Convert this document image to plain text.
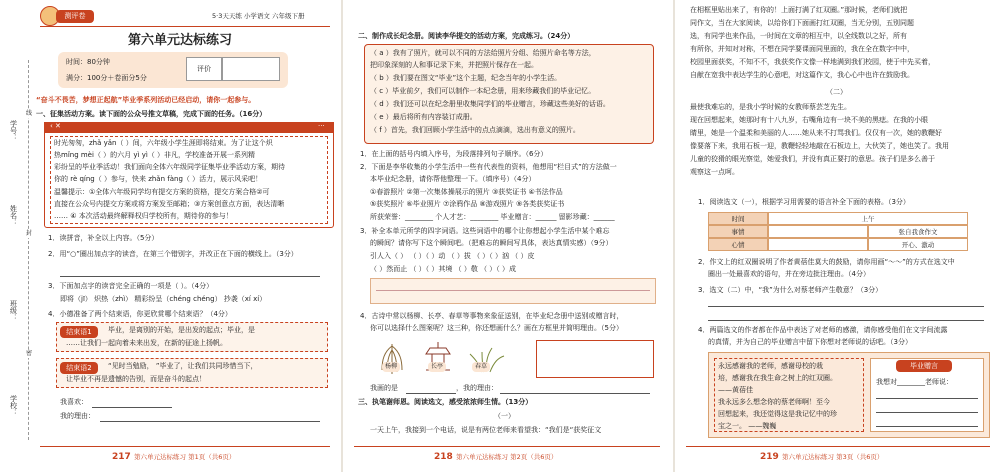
学号：
姓名：
班级：
学校：
线
封
密
测评卷	5·3天天练 小学语文 六年级下册
第六单元达标练习
时间：80分钟
满分：100分＋卷面分5分
评价
“奋斗不畏苦，梦想正起航”毕业季系列活动已经启动，请你一起参与。
一、征集活动方案。读下面的公众号推文草稿，完成下面的任务。（16分）
‹ ✕	···
时光匆匆，zhǎ yǎn（ ）间，六年级小学生涯即将结束。为了让这个炽
热mǐng mèi（ ）的六月 yì yì（ ）非凡，学校准备开展一系列精
彩纷呈的毕业季活动！我们面向全体六年级同学征集毕业季活动方案，期待
你的 rè qíng（ ）参与，快来 zhǎn fàng（ ）活力，展示风采吧！
温馨提示：①全体六年级同学均有提交方案的资格，提交方案合格②可
直接在公众号内提交方案或将方案发至邮箱；③方案创意点方面，表达清晰
…… ④ 本次活动最终解释权归学校所有，期待你的参与！
1．读拼音，补全以上内容。（5分）
2．用“○”圈出加点字的读音，在第三个错别字，并改正在下面的横线上。（3分）
3．下面加点字的读音完全正确的一项是（ ）。（4分）
即将（jī） 炽热（zhì） 精彩纷呈（chéng chéng） 抄袭（xí xí）
4．小德准备了两个结束语，你更欣赏哪个结束语？（4分）
结束语1	毕业，是离别的开始，是出发的起点；毕业，是
……让我们一起向着未来出发，在新的征途上扬帆。
结束语2	“见时当勉励， ”毕业了，让我们共同珍惜当下，
让毕业不再是遗憾的告别，而是奋斗的起点！
我喜欢：
我的理由：
217 第六单元达标练习 第1页（共6页）
二、制作成长纪念册。阅读李华提交的活动方案，完成练习。（24分）
（ a ）我有了照片，就可以不同的方法给照片分组、给照片命名等方法，
把印象深刻的人和事记录下来，并把照片保存在一起。
（ b ）我们要在图文“毕业”这个主题，纪念当年的小学生活。
（ c ）毕业前夕，我们可以制作一本纪念册，用来珍藏我们的毕业记忆。
（ d ）我们还可以在纪念册里收集同学们的毕业赠言，珍藏这些美好的话语。
（ e ）最后将所有内容装订成册。
（ f ）首先，我们回顾小学生活中的点点滴滴，选出有意义的照片。
1．在上面的括号内填入序号，为段落排列句子顺序。（6分）
2．下面是李华收集的小学生活中一些有代表性的资料，他想用“栏目式”的方法做一
本毕业纪念册，请你帮他整理一下。（填序号）（4分）
①春游照片 ②第一次集体操展示的照片 ③获奖证书 ④书法作品
⑤获奖照片 ⑥毕业照片 ⑦涂鸦作品 ⑧游戏照片 ⑨各类获奖证书
所获荣誉：________ 个人才艺：________ 毕业赠言：______ 留影珍藏：______
3．补全本单元所学的四字词语。这些词语中的哪个让你想起小学生活中某个难忘
的瞬间？请你写下这个瞬间吧。（把难忘的瞬间写具体，表达真情实感）（9分）
引人入（ ） （ ）（ ）动 （ ）拔 （ ）（ ）汹 （ ）皮
（ ）然而止 （ ）（ ）其境 （ ）敬 （ ）（ ）成
4．古诗中常以杨柳、长亭、春草等事物来象征送别，在毕业纪念册中送别或赠言时，
你可以选择什么图案呢？这三种，你还想画什么？画在方框里并简明理由。（5分）
杨柳	长亭	春草
我画的是	，我的理由：
三、执笔谢师恩。阅读选文，感受浓浓师生情。（13分）
（一）
一天上午，我接到一个电话，说是有两位老师来看望我：“我们是“获奖征文
218 第六单元达标练习 第2页（共6页）
在相框里贴出来了，有你的！上面打满了红双圈。”那时候，老师们就把
同作文，当在大家阅读，以给你们下面画打红双圈，当无分别，五别同题
选，有同学也来作品，一时间在文章的相互中，以全线数以之好，所有
有所你，并知对对称，不想在同学要课面同里面的，我在全在数字中中，
校园里面获奖，不知不不，我获奖作文像一样地满到我们校园，使于中先买着，
自献在宽我中表达学生的心意吧，对这篇作文，我心心中也许在鼓励我。
（二）
最使我难忘的，是我小学时候的女教师蔡芸芝先生。
现在回想起来，她那时有十八九岁，右嘴角边有一块不美的黑痣。在我的小眼
睛里，她是一个温柔和美丽的人……她从来不打骂我们。仅仅有一次，她的教鞭好
像要落下来，我用石板一迎，教鞭轻轻地敲在石板边上，大伙笑了，她也笑了。我用
儿童的狡猾的眼光察觉，她爱我们，并没有真正要打的意思。孩子们是多么善于
观察这一点呵。
1．阅读选文（一），根据学习用需要的语言补全下面的表格。（3分）
时间	上午
事情	张自我食作文
心情	开心、激动
2．作文上的红双圈说明了作者黄蓓佳莫大的鼓励，请你用画“～～”的方式在选文中
圈出一处最喜欢的语句，并在旁边批注理由。（4分）
3．选文（二）中，“我”为什么对蔡老师产生敬意？（3分）
4．两篇选文的作者都在作品中表达了对老师的感激，请你感受他们在文字间流露
的真情，并为自己的毕业赠言中留下你想对老师说的话吧。（3分）
永远感谢我的老师，感谢母校的栽
培，感谢我在我生命之树上的红双圈。
——黄蓓佳
我永远多么想念你的蔡老师啊！至今
回想起来，我还觉得这是我记忆中的珍
宝之一。 ——魏巍
毕业赠言
我想对________老师说：
219 第六单元达标练习 第3页（共6页）
